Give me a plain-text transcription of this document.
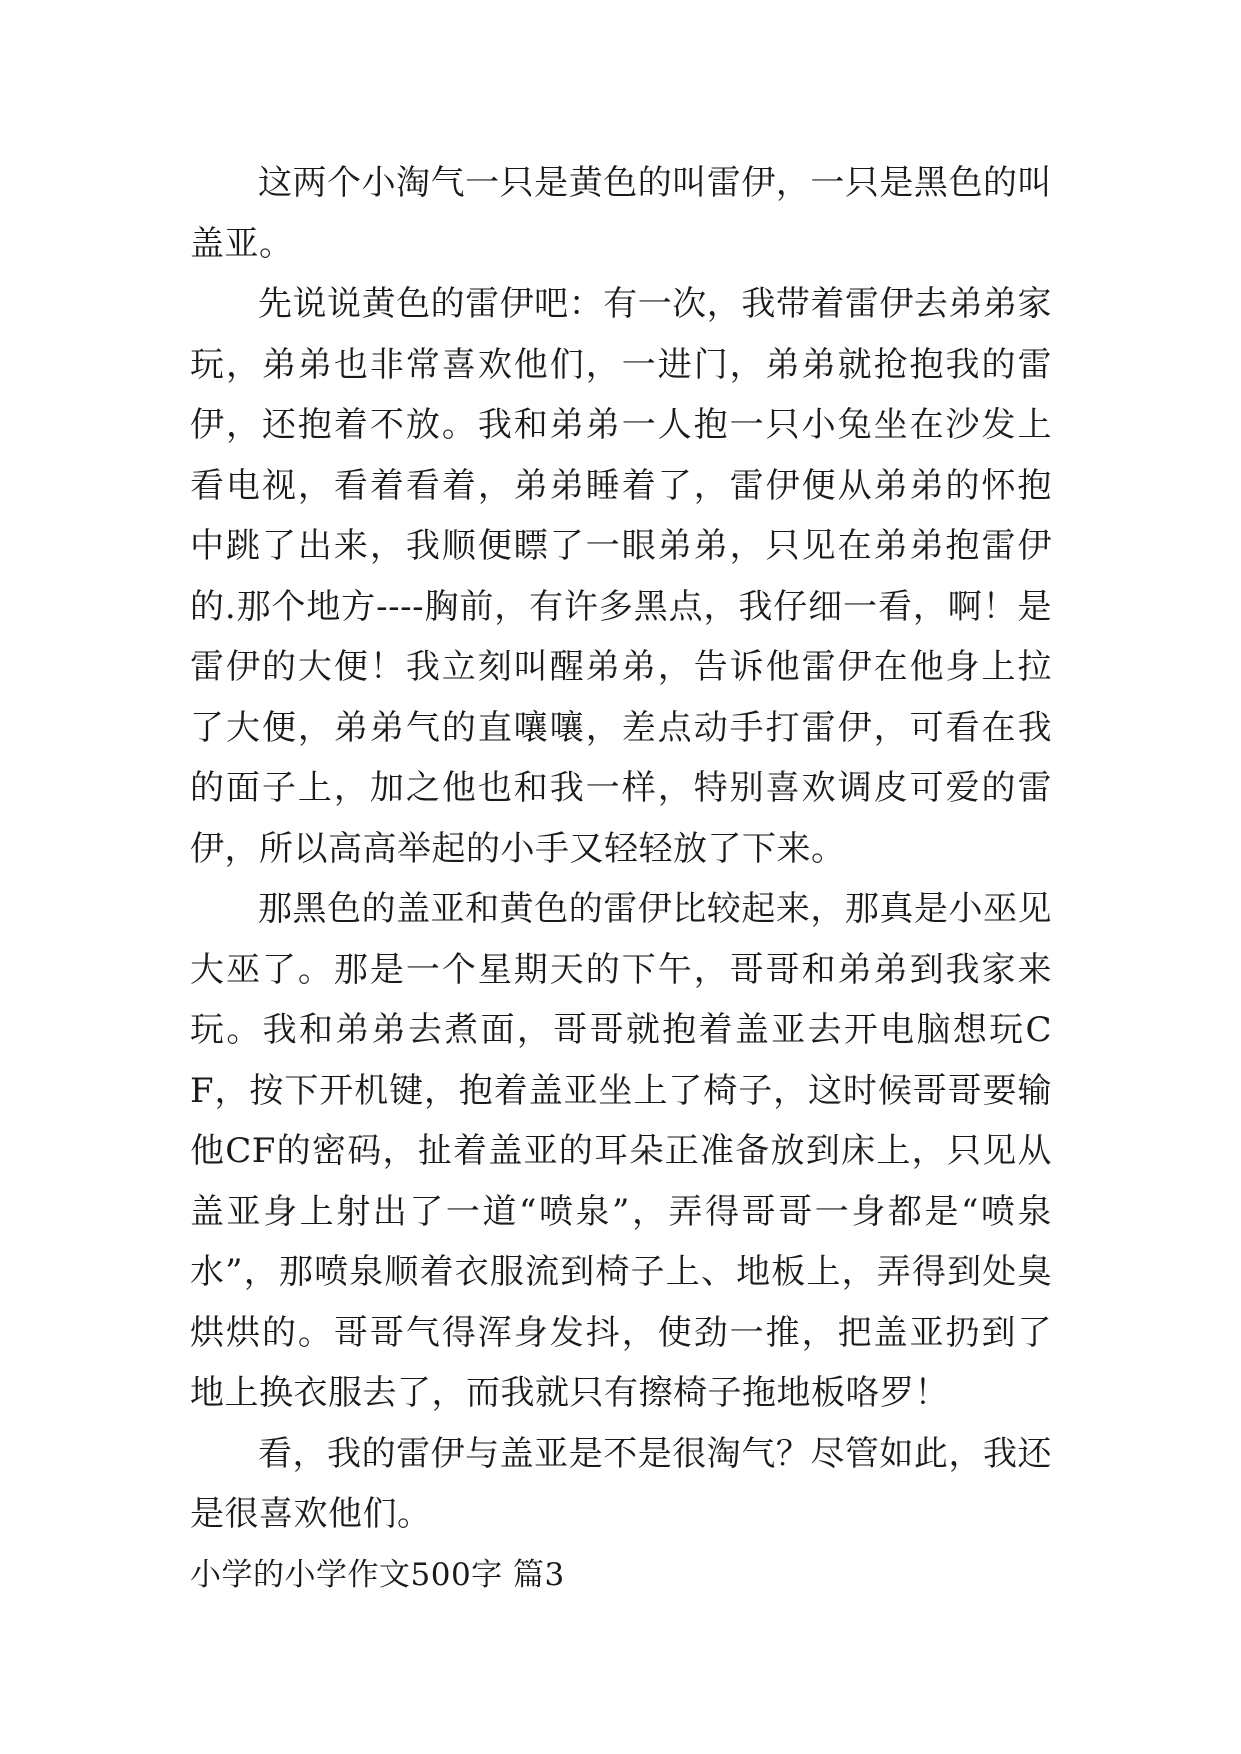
这两个小淘气一只是黄色的叫雷伊，一只是黑色的叫盖亚。

先说说黄色的雷伊吧：有一次，我带着雷伊去弟弟家玩，弟弟也非常喜欢他们，一进门，弟弟就抢抱我的雷伊，还抱着不放。我和弟弟一人抱一只小兔坐在沙发上看电视，看着看着，弟弟睡着了，雷伊便从弟弟的怀抱中跳了出来，我顺便瞟了一眼弟弟，只见在弟弟抱雷伊的.那个地方----胸前，有许多黑点，我仔细一看，啊！是雷伊的大便！我立刻叫醒弟弟，告诉他雷伊在他身上拉了大便，弟弟气的直嚷嚷，差点动手打雷伊，可看在我的面子上，加之他也和我一样，特别喜欢调皮可爱的雷伊，所以高高举起的小手又轻轻放了下来。

那黑色的盖亚和黄色的雷伊比较起来，那真是小巫见大巫了。那是一个星期天的下午，哥哥和弟弟到我家来玩。我和弟弟去煮面，哥哥就抱着盖亚去开电脑想玩CF，按下开机键，抱着盖亚坐上了椅子，这时候哥哥要输他CF的密码，扯着盖亚的耳朵正准备放到床上，只见从盖亚身上射出了一道“喷泉”，弄得哥哥一身都是“喷泉水”，那喷泉顺着衣服流到椅子上、地板上，弄得到处臭烘烘的。哥哥气得浑身发抖，使劲一推，把盖亚扔到了地上换衣服去了，而我就只有擦椅子拖地板咯罗！

看，我的雷伊与盖亚是不是很淘气？尽管如此，我还是很喜欢他们。

小学的小学作文500字 篇3
